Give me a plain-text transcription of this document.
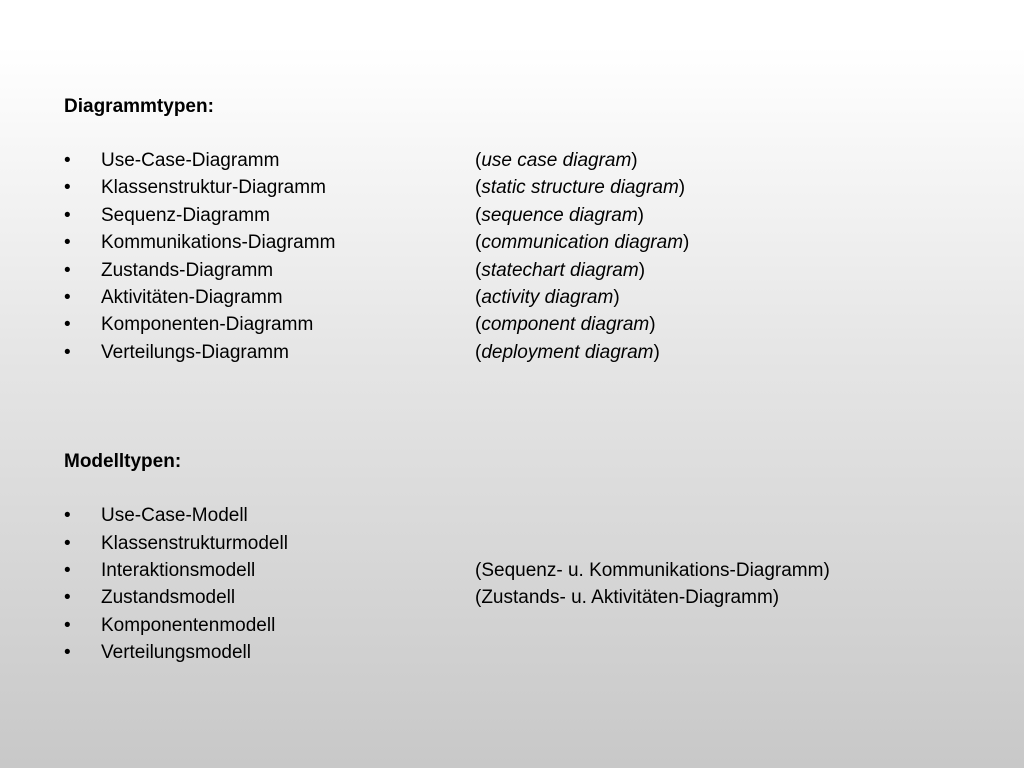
Diagrammtypen:

•	Use-Case-Diagramm	(use case diagram)
•	Klassenstruktur-Diagramm	(static structure diagram)
•	Sequenz-Diagramm	(sequence diagram)
•	Kommunikations-Diagramm	(communication diagram)
•	Zustands-Diagramm	(statechart diagram)
•	Aktivitäten-Diagramm	(activity diagram)
•	Komponenten-Diagramm	(component diagram)
•	Verteilungs-Diagramm	(deployment diagram)

Modelltypen:

•	Use-Case-Modell
•	Klassenstrukturmodell
•	Interaktionsmodell	(Sequenz- u. Kommunikations-Diagramm)
•	Zustandsmodell	(Zustands- u. Aktivitäten-Diagramm)
•	Komponentenmodell
•	Verteilungsmodell
